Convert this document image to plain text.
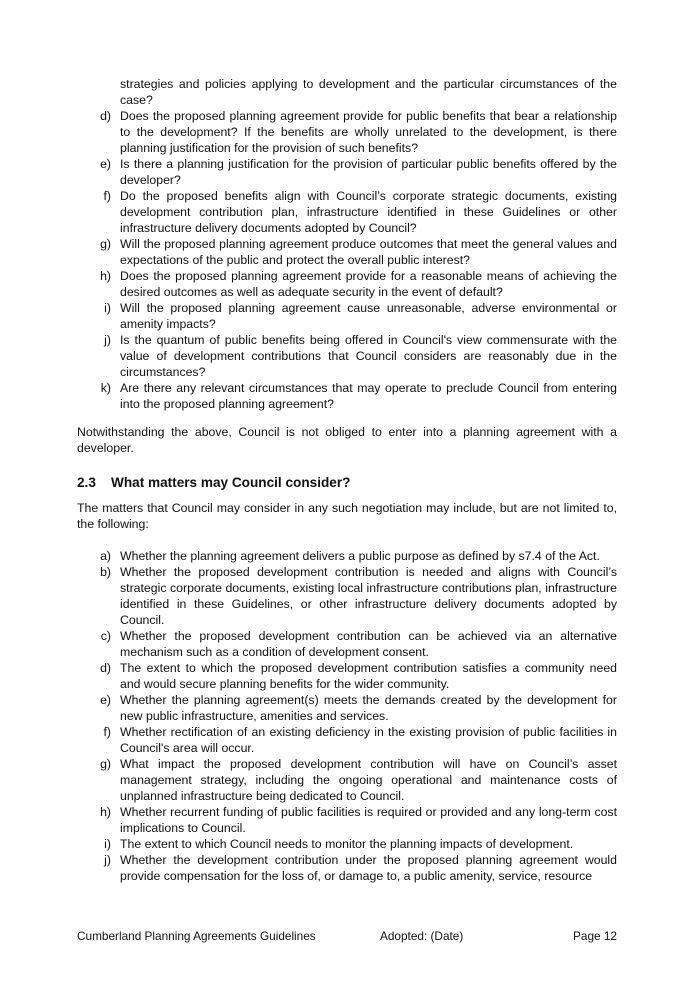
strategies and policies applying to development and the particular circumstances of the case?
d) Does the proposed planning agreement provide for public benefits that bear a relationship to the development? If the benefits are wholly unrelated to the development, is there planning justification for the provision of such benefits?
e) Is there a planning justification for the provision of particular public benefits offered by the developer?
f) Do the proposed benefits align with Council’s corporate strategic documents, existing development contribution plan, infrastructure identified in these Guidelines or other infrastructure delivery documents adopted by Council?
g) Will the proposed planning agreement produce outcomes that meet the general values and expectations of the public and protect the overall public interest?
h) Does the proposed planning agreement provide for a reasonable means of achieving the desired outcomes as well as adequate security in the event of default?
i) Will the proposed planning agreement cause unreasonable, adverse environmental or amenity impacts?
j) Is the quantum of public benefits being offered in Council's view commensurate with the value of development contributions that Council considers are reasonably due in the circumstances?
k) Are there any relevant circumstances that may operate to preclude Council from entering into the proposed planning agreement?

Notwithstanding the above, Council is not obliged to enter into a planning agreement with a developer.

2.3	What matters may Council consider?

The matters that Council may consider in any such negotiation may include, but are not limited to, the following:

a) Whether the planning agreement delivers a public purpose as defined by s7.4 of the Act.
b) Whether the proposed development contribution is needed and aligns with Council’s strategic corporate documents, existing local infrastructure contributions plan, infrastructure identified in these Guidelines, or other infrastructure delivery documents adopted by Council.
c) Whether the proposed development contribution can be achieved via an alternative mechanism such as a condition of development consent.
d) The extent to which the proposed development contribution satisfies a community need and would secure planning benefits for the wider community.
e) Whether the planning agreement(s) meets the demands created by the development for new public infrastructure, amenities and services.
f) Whether rectification of an existing deficiency in the existing provision of public facilities in Council's area will occur.
g) What impact the proposed development contribution will have on Council’s asset management strategy, including the ongoing operational and maintenance costs of unplanned infrastructure being dedicated to Council.
h) Whether recurrent funding of public facilities is required or provided and any long-term cost implications to Council.
i) The extent to which Council needs to monitor the planning impacts of development.
j) Whether the development contribution under the proposed planning agreement would provide compensation for the loss of, or damage to, a public amenity, service, resource
Cumberland Planning Agreements Guidelines	Adopted: (Date)	Page 12
